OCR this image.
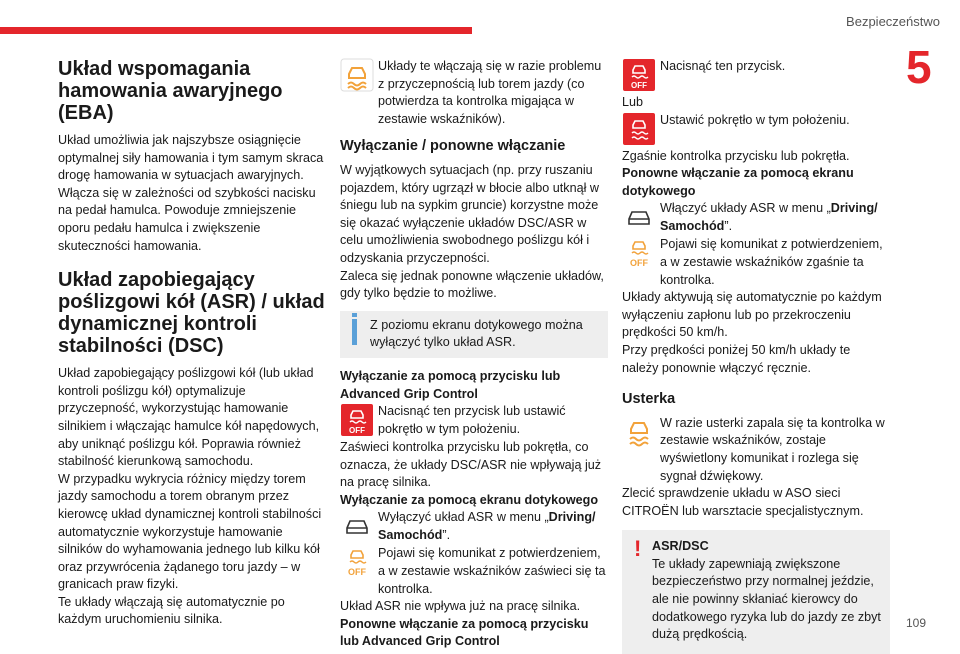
Bezpieczeństwo
5
Układ wspomagania hamowania awaryjnego (EBA)

Układ umożliwia jak najszybsze osiągnięcie optymalnej siły hamowania i tym samym skraca drogę hamowania w sytuacjach awaryjnych. Włącza się w zależności od szybkości nacisku na pedał hamulca. Powoduje zmniejszenie oporu pedału hamulca i zwiększenie skuteczności hamowania.

Układ zapobiegający poślizgowi kół (ASR) / układ dynamicznej kontroli stabilności (DSC)

Układ zapobiegający poślizgowi kół (lub układ kontroli poślizgu kół) optymalizuje przyczepność, wykorzystując hamowanie silnikiem i włączając hamulce kół napędowych, aby uniknąć poślizgu kół. Poprawia również stabilność kierunkową samochodu.

W przypadku wykrycia różnicy między torem jazdy samochodu a torem obranym przez kierowcę układ dynamicznej kontroli stabilności automatycznie wykorzystuje hamowanie silników do wyhamowania jednego lub kilku kół oraz przywrócenia żądanego toru jazdy – w granicach praw fizyki.

Te układy włączają się automatycznie po każdym uruchomieniu silnika.

Układy te włączają się w razie problemu z przyczepnością lub torem jazdy (co potwierdza ta kontrolka migająca w zestawie wskaźników).

Wyłączanie / ponowne włączanie

W wyjątkowych sytuacjach (np. przy ruszaniu pojazdem, który ugrzązł w błocie albo utknął w śniegu lub na sypkim gruncie) korzystne może się okazać wyłączenie układów DSC/ASR w celu umożliwienia swobodnego poślizgu kół i odzyskania przyczepności.

Zaleca się jednak ponowne włączenie układów, gdy tylko będzie to możliwe.

Z poziomu ekranu dotykowego można wyłączyć tylko układ ASR.

Wyłączanie za pomocą przycisku lub Advanced Grip Control

OFF

Nacisnąć ten przycisk lub ustawić pokrętło w tym położeniu.

Zaświeci kontrolka przycisku lub pokrętła, co oznacza, że układy DSC/ASR nie wpływają już na pracę silnika.

Wyłączanie za pomocą ekranu dotykowego

Wyłączyć układ ASR w menu „Driving/ Samochód”.

OFF

Pojawi się komunikat z potwierdzeniem, a w zestawie wskaźników zaświeci się ta kontrolka.

Układ ASR nie wpływa już na pracę silnika.

Ponowne włączanie za pomocą przycisku lub Advanced Grip Control

OFF

Nacisnąć ten przycisk.

Lub

Ustawić pokrętło w tym położeniu.

Zgaśnie kontrolka przycisku lub pokrętła.

Ponowne włączanie za pomocą ekranu dotykowego

Włączyć układy ASR w menu „Driving/ Samochód”.

OFF

Pojawi się komunikat z potwierdzeniem, a w zestawie wskaźników zgaśnie ta kontrolka.

Układy aktywują się automatycznie po każdym wyłączeniu zapłonu lub po przekroczeniu prędkości 50 km/h.

Przy prędkości poniżej 50 km/h układy te należy ponownie włączyć ręcznie.

Usterka

W razie usterki zapala się ta kontrolka w zestawie wskaźników, zostaje wyświetlony komunikat i rozlega się sygnał dźwiękowy.

Zlecić sprawdzenie układu w ASO sieci CITROËN lub warsztacie specjalistycznym.

! ASR/DSC

Te układy zapewniają zwiększone bezpieczeństwo przy normalnej jeździe, ale nie powinny skłaniać kierowcy do dodatkowego ryzyka lub do jazdy ze zbyt dużą prędkością.

109
